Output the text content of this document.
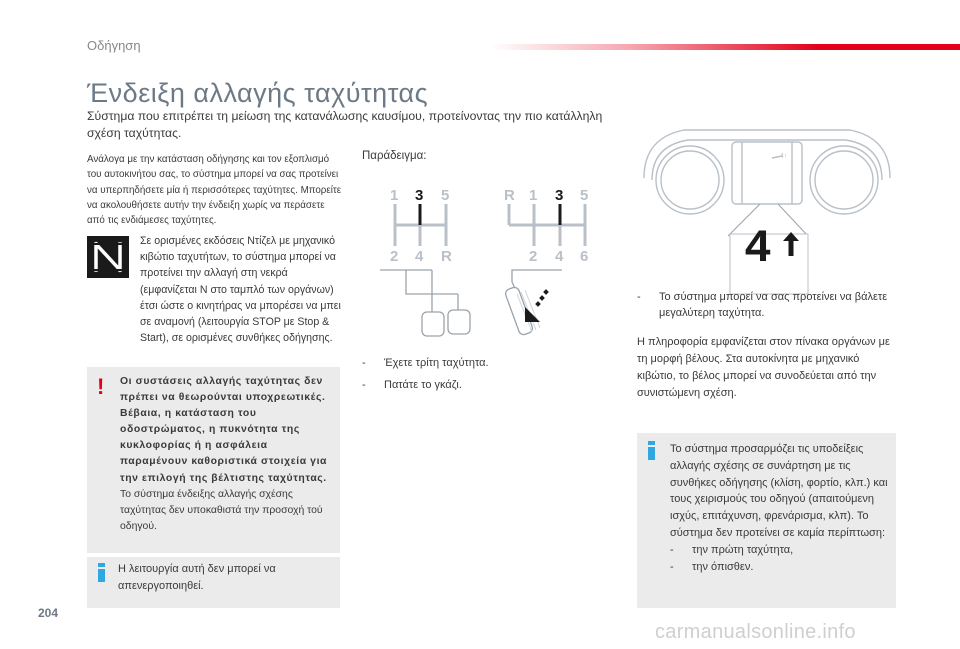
Οδήγηση
Ένδειξη αλλαγής ταχύτητας
Σύστημα που επιτρέπει τη μείωση της κατανάλωσης καυσίμου, προτείνοντας την πιο κατάλληλη σχέση ταχύτητας.
Ανάλογα με την κατάσταση οδήγησης και τον εξοπλισμό του αυτοκινήτου σας, το σύστημα μπορεί να σας προτείνει να υπερπηδήσετε μία ή περισσότερες ταχύτητες. Μπορείτε να ακολουθήσετε αυτήν την ένδειξη χωρίς να περάσετε από τις ενδιάμεσες ταχύτητες.
Σε ορισμένες εκδόσεις Ντίζελ με μηχανικό κιβώτιο ταχυτήτων, το σύστημα μπορεί να προτείνει την αλλαγή στη νεκρά (εμφανίζεται N στο ταμπλό των οργάνων) έτσι ώστε ο κινητήρας να μπορέσει να μπει σε αναμονή (λειτουργία STOP με Stop & Start), σε ορισμένες συνθήκες οδήγησης.
! Οι συστάσεις αλλαγής ταχύτητας δεν πρέπει να θεωρούνται υποχρεωτικές. Βέβαια, η κατάσταση του οδοστρώματος, η πυκνότητα της κυκλοφορίας ή η ασφάλεια παραμένουν καθοριστικά στοιχεία για την επιλογή της βέλτιστης ταχύτητας.
Το σύστημα ένδειξης αλλαγής σχέσης ταχύτητας δεν υποκαθιστά την προσοχή τού οδηγού.
Η λειτουργία αυτή δεν μπορεί να απενεργοποιηθεί.
Παράδειγμα:
1 3 5
2 4 R
R 1 3 5
2 4 6
-	Έχετε τρίτη ταχύτητα.
-	Πατάτε το γκάζι.
4↑
4
-	Το σύστημα μπορεί να σας προτείνει να βάλετε μεγαλύτερη ταχύτητα.
Η πληροφορία εμφανίζεται στον πίνακα οργάνων με τη μορφή βέλους. Στα αυτοκίνητα με μηχανικό κιβώτιο, το βέλος μπορεί να συνοδεύεται από την συνιστώμενη σχέση.
Το σύστημα προσαρμόζει τις υποδείξεις αλλαγής σχέσης σε συνάρτηση με τις συνθήκες οδήγησης (κλίση, φορτίο, κλπ.) και τους χειρισμούς του οδηγού (απαιτούμενη ισχύς, επιτάχυνση, φρενάρισμα, κλπ). Το σύστημα δεν προτείνει σε καμία περίπτωση:
-	την πρώτη ταχύτητα,
-	την όπισθεν.
204
carmanualsonline.info
